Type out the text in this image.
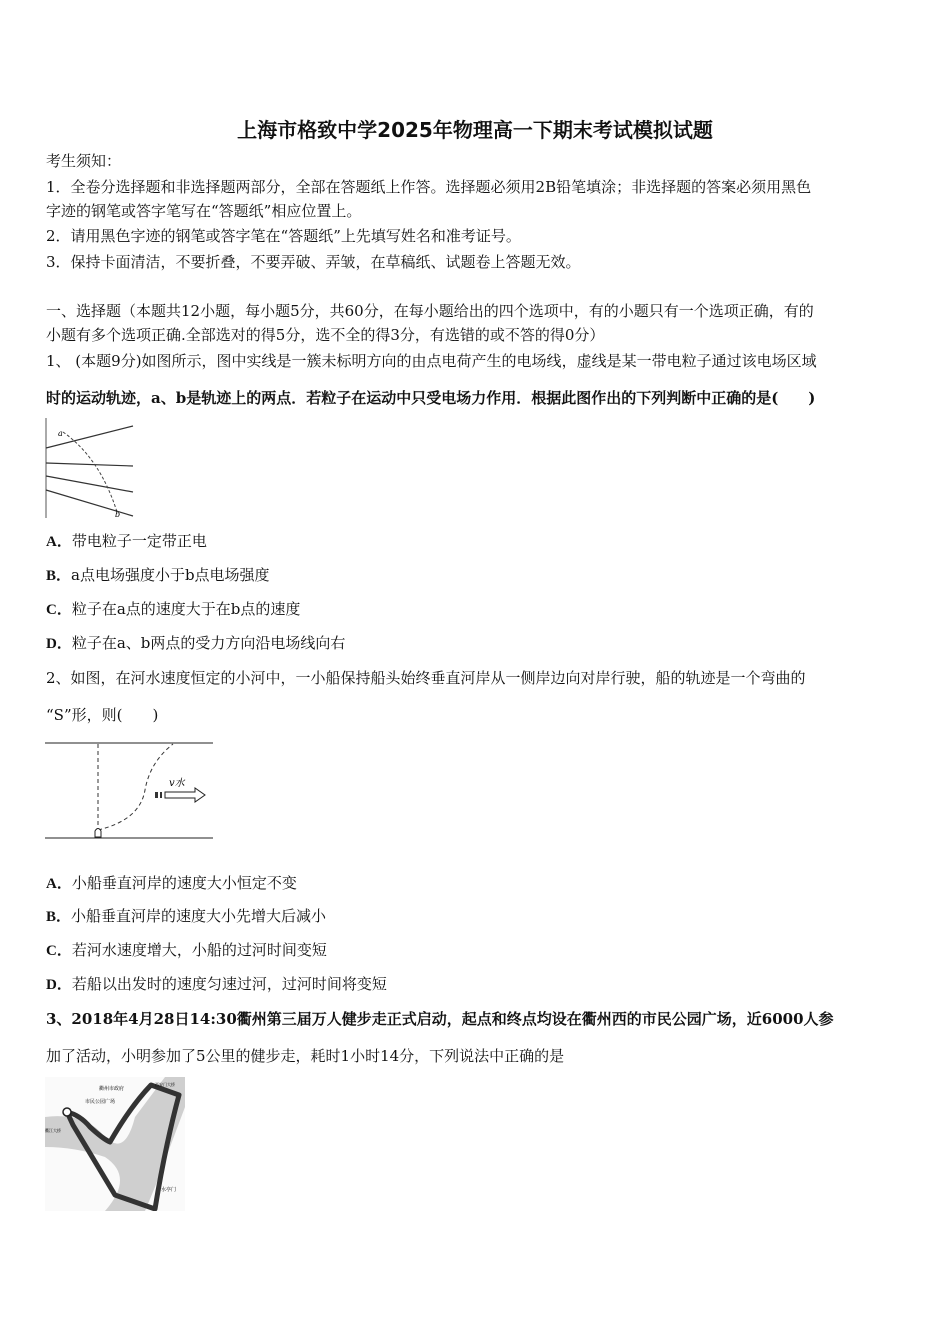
上海市格致中学2025年物理高一下期末考试模拟试题
考生须知：
1．全卷分选择题和非选择题两部分，全部在答题纸上作答。选择题必须用2B铅笔填涂；非选择题的答案必须用黑色
字迹的钢笔或答字笔写在“答题纸”相应位置上。
2．请用黑色字迹的钢笔或答字笔在“答题纸”上先填写姓名和准考证号。
3．保持卡面清洁，不要折叠，不要弄破、弄皱，在草稿纸、试题卷上答题无效。
一、选择题（本题共12小题，每小题5分，共60分，在每小题给出的四个选项中，有的小题只有一个选项正确，有的
小题有多个选项正确.全部选对的得5分，选不全的得3分，有选错的或不答的得0分）
1、 (本题9分)如图所示，图中实线是一簇未标明方向的由点电荷产生的电场线，虚线是某一带电粒子通过该电场区域
时的运动轨迹，a、b是轨迹上的两点．若粒子在运动中只受电场力作用．根据此图作出的下列判断中正确的是(　　)
a
b
A．带电粒子一定带正电
B．a点电场强度小于b点电场强度
C．粒子在a点的速度大于在b点的速度
D．粒子在a、b两点的受力方向沿电场线向右
2、如图，在河水速度恒定的小河中，一小船保持船头始终垂直河岸从一侧岸边向对岸行驶，船的轨迹是一个弯曲的
“S”形，则(　　)
v水
A．小船垂直河岸的速度大小恒定不变
B．小船垂直河岸的速度大小先增大后减小
C．若河水速度增大，小船的过河时间变短
D．若船以出发时的速度匀速过河，过河时间将变短
3、2018年4月28日14:30衢州第三届万人健步走正式启动，起点和终点均设在衢州西的市民公园广场，近6000人参
加了活动，小明参加了5公里的健步走，耗时1小时14分，下列说法中正确的是
衢州市政府
市民公园广场
西安门大桥
衢江大桥
水亭门
